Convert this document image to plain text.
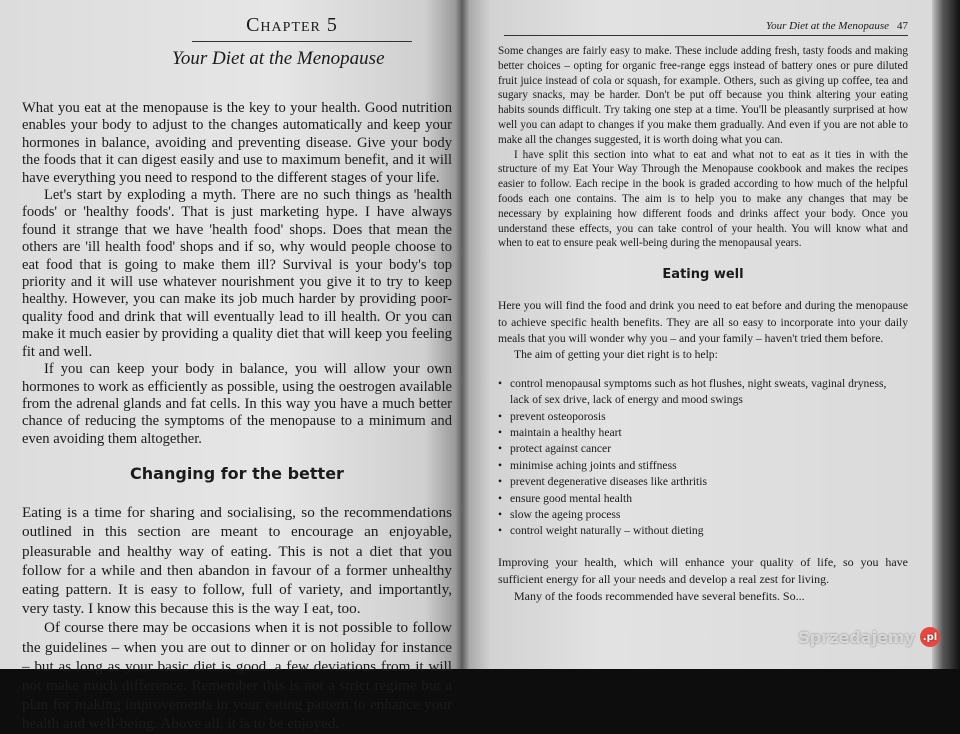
Chapter 5
Your Diet at the Menopause

What you eat at the menopause is the key to your health. Good nutrition enables your body to adjust to the changes automatically and keep your hormones in balance, avoiding and preventing disease. Give your body the foods that it can digest easily and use to maximum benefit, and it will have everything you need to respond to the different stages of your life.

Let's start by exploding a myth. There are no such things as 'health foods' or 'healthy foods'. That is just marketing hype. I have always found it strange that we have 'health food' shops. Does that mean the others are 'ill health food' shops and if so, why would people choose to eat food that is going to make them ill? Survival is your body's top priority and it will use whatever nourishment you give it to try to keep healthy. However, you can make its job much harder by providing poor-quality food and drink that will eventually lead to ill health. Or you can make it much easier by providing a quality diet that will keep you feeling fit and well.

If you can keep your body in balance, you will allow your own hormones to work as efficiently as possible, using the oestrogen available from the adrenal glands and fat cells. In this way you have a much better chance of reducing the symptoms of the menopause to a minimum and even avoiding them altogether.

Changing for the better

Eating is a time for sharing and socialising, so the recommendations outlined in this section are meant to encourage an enjoyable, pleasurable and healthy way of eating. This is not a diet that you follow for a while and then abandon in favour of a former unhealthy eating pattern. It is easy to follow, full of variety, and importantly, very tasty. I know this because this is the way I eat, too.

Of course there may be occasions when it is not possible to follow the guidelines – when you are out to dinner or on holiday for instance – but as long as your basic diet is good, a few deviations from it will not make much difference. Remember this is not a strict regime but a plan for making improvements in your eating pattern to enhance your health and well-being. Above all, it is to be enjoyed.

Your Diet at the Menopause 47

Some changes are fairly easy to make. These include adding fresh, tasty foods and making better choices – opting for organic free-range eggs instead of battery ones or pure diluted fruit juice instead of cola or squash, for example. Others, such as giving up coffee, tea and sugary snacks, may be harder. Don't be put off because you think altering your eating habits sounds difficult. Try taking one step at a time. You'll be pleasantly surprised at how well you can adapt to changes if you make them gradually. And even if you are not able to make all the changes suggested, it is worth doing what you can.

I have split this section into what to eat and what not to eat as it ties in with the structure of my Eat Your Way Through the Menopause cookbook and makes the recipes easier to follow. Each recipe in the book is graded according to how much of the helpful foods each one contains. The aim is to help you to make any changes that may be necessary by explaining how different foods and drinks affect your body. Once you understand these effects, you can take control of your health. You will know what and when to eat to ensure peak well-being during the menopausal years.

Eating well

Here you will find the food and drink you need to eat before and during the menopause to achieve specific health benefits. They are all so easy to incorporate into your daily meals that you will wonder why you – and your family – haven't tried them before.

The aim of getting your diet right is to help:

• control menopausal symptoms such as hot flushes, night sweats, vaginal dryness, lack of sex drive, lack of energy and mood swings
• prevent osteoporosis
• maintain a healthy heart
• protect against cancer
• minimise aching joints and stiffness
• prevent degenerative diseases like arthritis
• ensure good mental health
• slow the ageing process
• control weight naturally – without dieting

Improving your health, which will enhance your quality of life, so you have sufficient energy for all your needs and develop a real zest for living.

Many of the foods recommended have several benefits. So...

Sprzedajemy .pl
